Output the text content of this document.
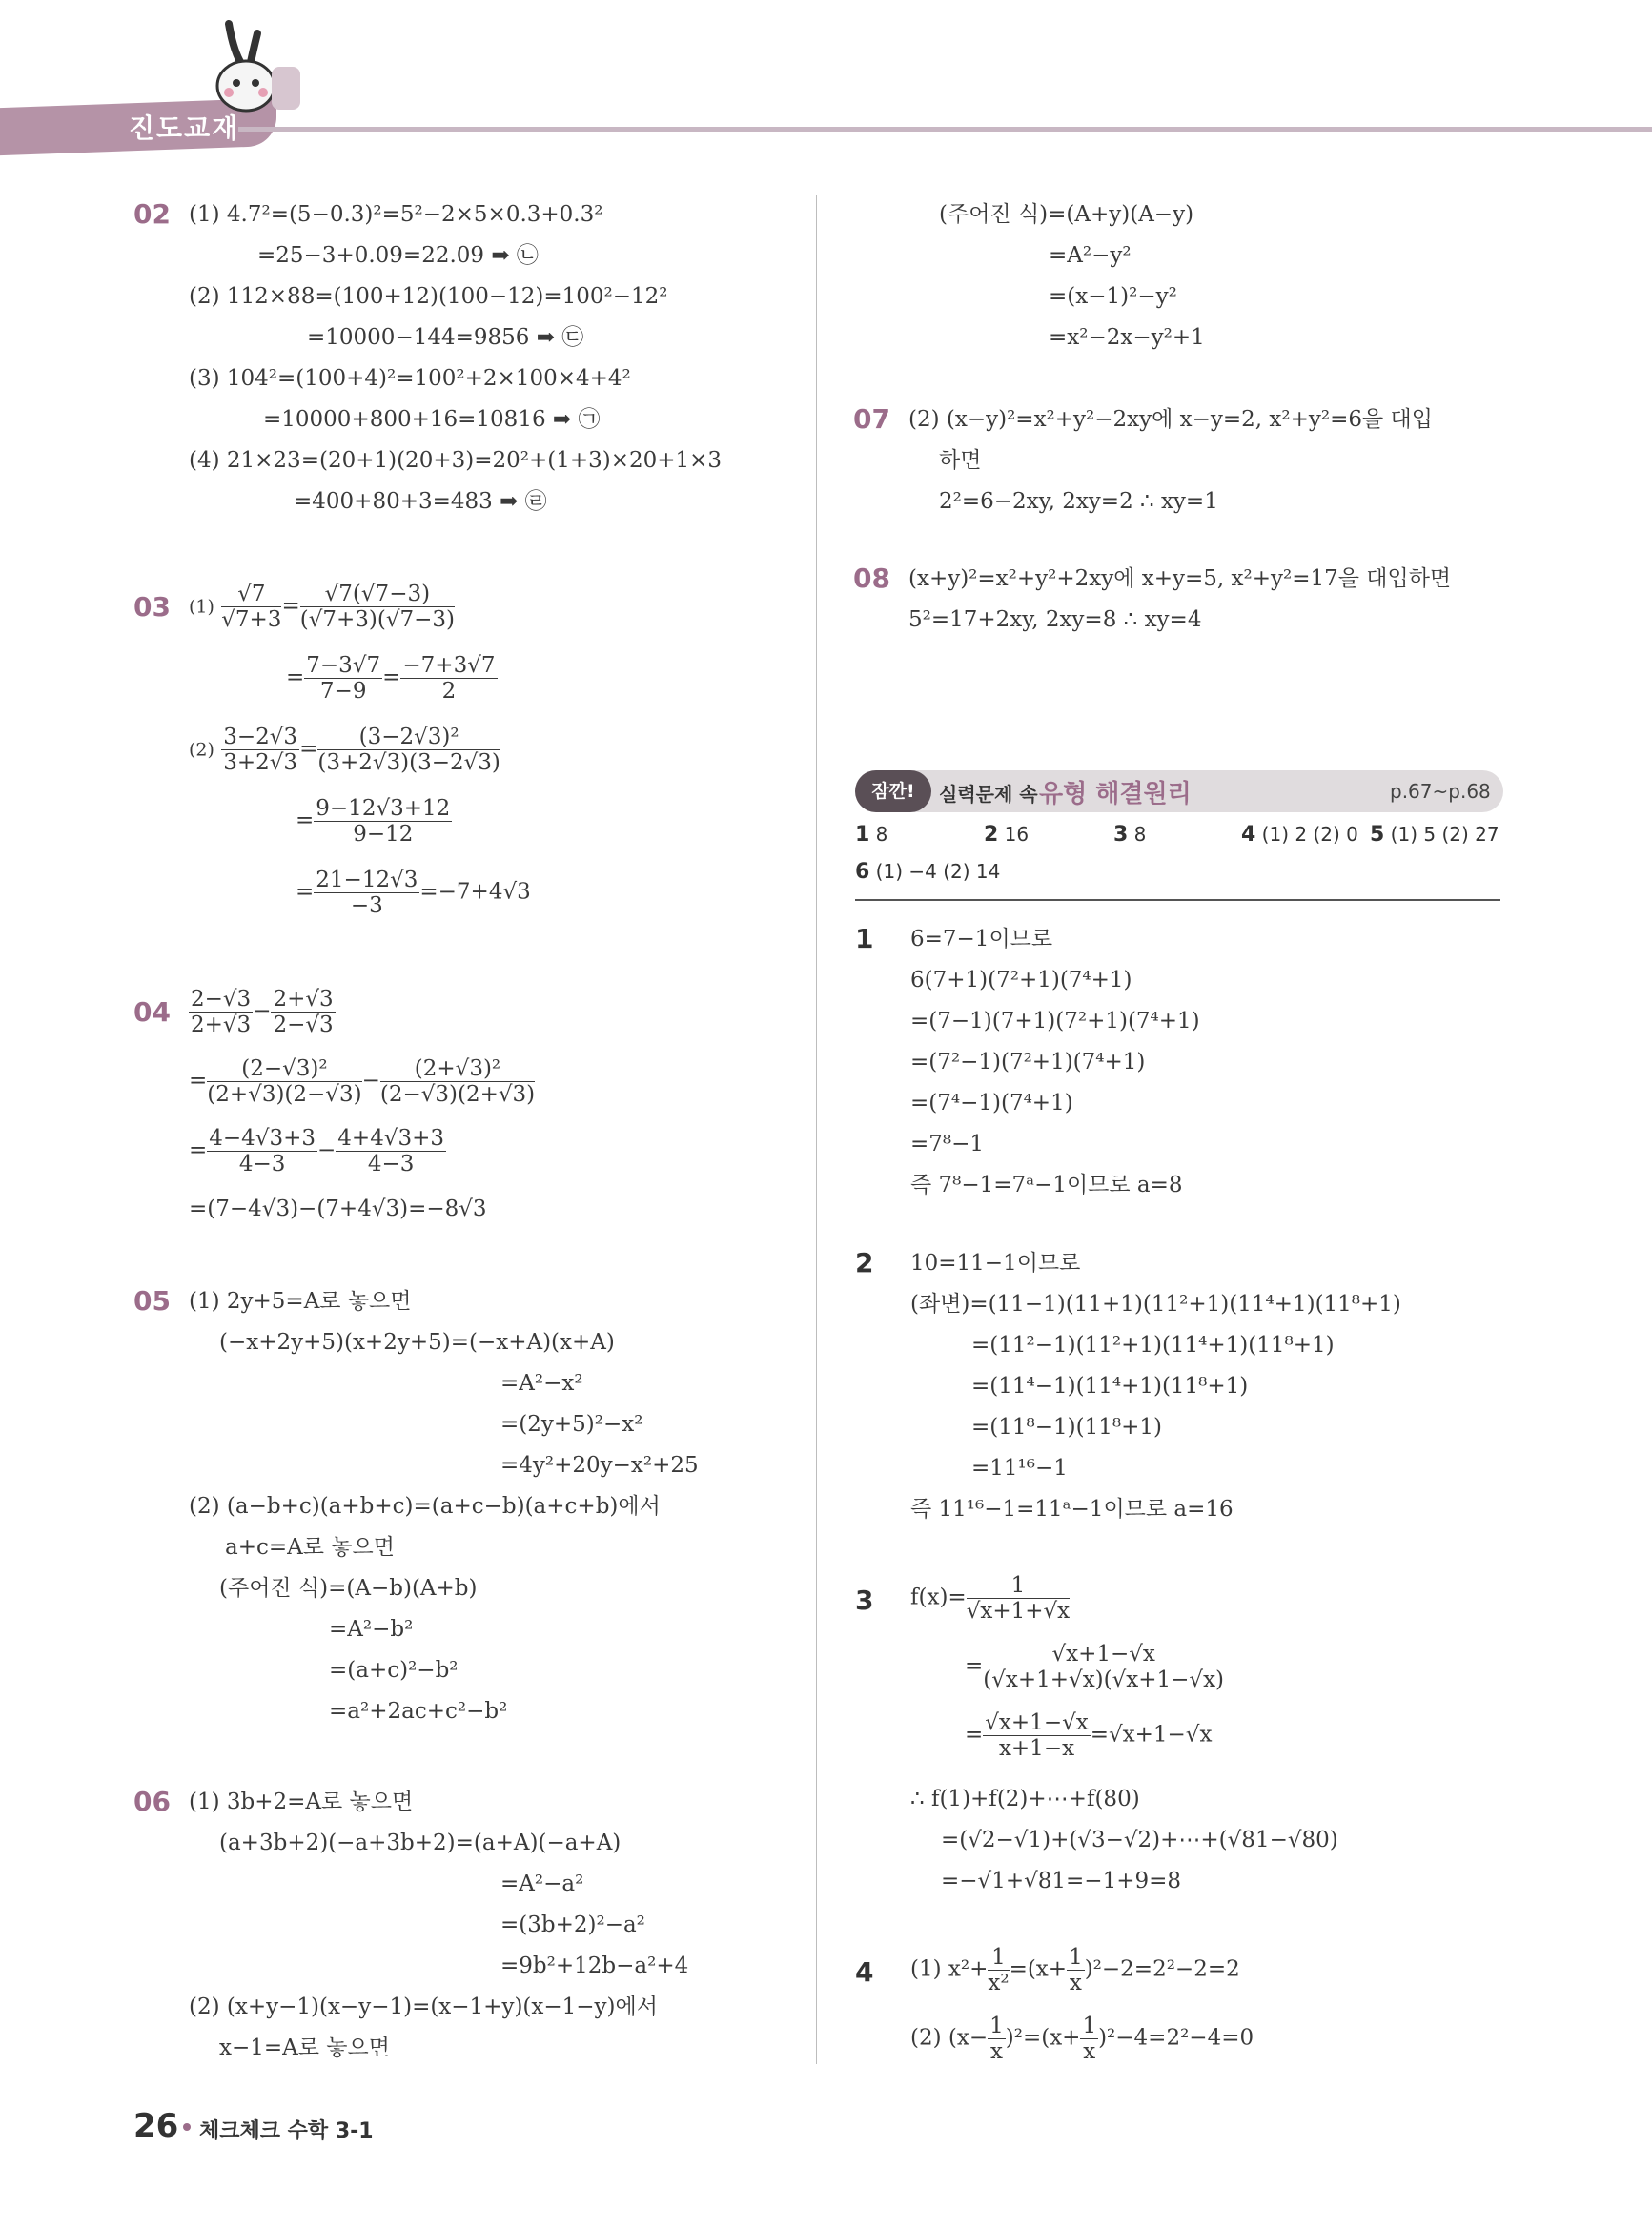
진도교재
02 (1) 4.7²=(5−0.3)²=5²−2×5×0.3+0.3²
=25−3+0.09=22.09 ➡ ㉡
(2) 112×88=(100+12)(100−12)=100²−12²
=10000−144=9856 ➡ ㉢
(3) 104²=(100+4)²=100²+2×100×4+4²
=10000+800+16=10816 ➡ ㉠
(4) 21×23=(20+1)(20+3)=20²+(1+3)×20+1×3
=400+80+3=483 ➡ ㉣
03 $(1) \frac{√7}{√7+3} = \frac{√7(√7-3)}{(√7+3)(√7-3)}$
= $\frac{7-3√7}{7-9} = \frac{-7+3√7}{2}$
$(2) \frac{3-2√3}{3+2√3} = \frac{\text{(3−2√3)²}}{(3+2√3)(3-2√3)}$
= $\frac{9-12√3+12}{9-12}$
= $\frac{21-12√3}{-3} =-7+4√3$
$04 \frac{2-√3}{2+√3} - \frac{2+√3}{2-√3}$
= $\frac{\text{(2−√3)²}}{(2+√3)(2-√3)} - \frac{\text{(2+√3)²}}{(2-√3)(2+√3)}$
= $\frac{4-4√3+3}{4-3} - \frac{4+4√3+3}{4-3}$
=(7−4√3)−(7+4√3)=−8√3
05 (1) 2y+5=A로 놓으면
(−x+2y+5)(x+2y+5)=(−x+A)(x+A)
=A²−x²
=(2y+5)²−x²
=4y²+20y−x²+25
(2) (a−b+c)(a+b+c)=(a+c−b)(a+c+b)에서
a+c=A로 놓으면
(주어진 식)=(A−b)(A+b)
=A²−b²
=(a+c)²−b²
=a²+2ac+c²−b²
06 (1) 3b+2=A로 놓으면
(a+3b+2)(−a+3b+2)=(a+A)(−a+A)
=A²−a²
=(3b+2)²−a²
=9b²+12b−a²+4
(2) (x+y−1)(x−y−1)=(x−1+y)(x−1−y)에서
x−1=A로 놓으면
(주어진 식)=(A+y)(A−y)
=A²−y²
=(x−1)²−y²
=x²−2x−y²+1
07 (2) (x−y)²=x²+y²−2xy에 x−y=2, x²+y²=6을 대입
하면
2²=6−2xy, 2xy=2 ∴ xy=1
08 (x+y)²=x²+y²+2xy에 x+y=5, x²+y²=17을 대입하면
5²=17+2xy, 2xy=8 ∴ xy=4
잠깐!	실력문제 속 유형 해결원리	p.67~p.68
1 8	2 16	3 8	4 (1) 2 (2) 0 5 (1) 5 (2) 27
6 (1) −4 (2) 14
1 6=7−1이므로
6(7+1)(7²+1)(7⁴+1)
=(7−1)(7+1)(7²+1)(7⁴+1)
=(7²−1)(7²+1)(7⁴+1)
=(7⁴−1)(7⁴+1)
=7⁸−1
즉 7⁸−1=7ᵃ−1이므로 a=8
2 10=11−1이므로
(좌변)=(11−1)(11+1)(11²+1)(11⁴+1)(11⁸+1)
=(11²−1)(11²+1)(11⁴+1)(11⁸+1)
=(11⁴−1)(11⁴+1)(11⁸+1)
=(11⁸−1)(11⁸+1)
=11¹⁶−1
즉 11¹⁶−1=11ᵃ−1이므로 a=16
3 $f(x)= \frac{1}{√x+1+√x}$
= $\frac{√x+1-√x}{(√x+1+√x)(√x+1-√x)}$
= $\frac{√x+1-√x}{x+1-x} =√x+1-√x$
∴ f(1)+f(2)+⋯+f(80)
=(√2−√1)+(√3−√2)+⋯+(√81−√80)
=−√1+√81=−1+9=8
4 (1) $x^2+ \frac{1}{\text{x²}} =(x+ \frac{1}{x} )^2-2=2^2-2=2$
(2) $(x- \frac{1}{x} )^2=(x+ \frac{1}{x} )^2-4=2^2-4=0$
26 체크체크 수학 3-1
